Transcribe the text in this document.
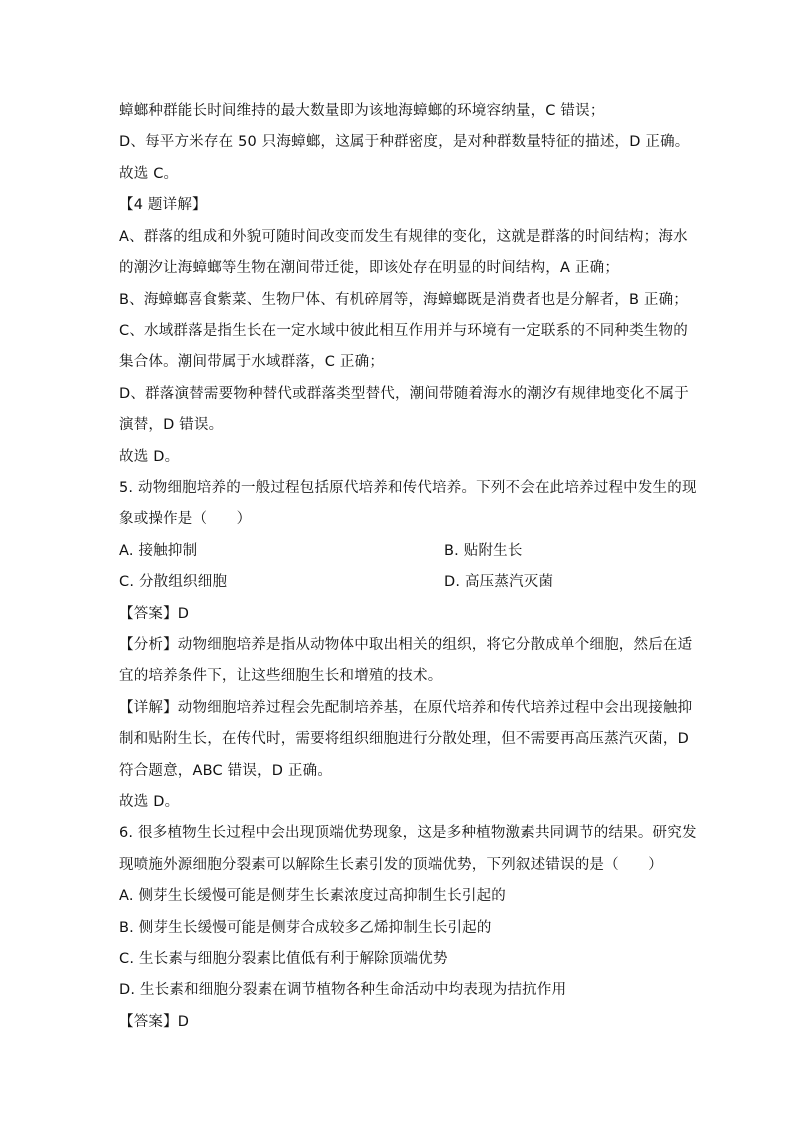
蟑螂种群能长时间维持的最大数量即为该地海蟑螂的环境容纳量，C 错误；
D、每平方米存在 50 只海蟑螂，这属于种群密度，是对种群数量特征的描述，D 正确。
故选 C。
【4 题详解】
A、群落的组成和外貌可随时间改变而发生有规律的变化，这就是群落的时间结构；海水
的潮汐让海蟑螂等生物在潮间带迁徙，即该处存在明显的时间结构，A 正确；
B、海蟑螂喜食紫菜、生物尸体、有机碎屑等，海蟑螂既是消费者也是分解者，B 正确；
C、水域群落是指生长在一定水域中彼此相互作用并与环境有一定联系的不同种类生物的
集合体。潮间带属于水域群落，C 正确；
D、群落演替需要物种替代或群落类型替代，潮间带随着海水的潮汐有规律地变化不属于
演替，D 错误。
故选 D。
5. 动物细胞培养的一般过程包括原代培养和传代培养。下列不会在此培养过程中发生的现
象或操作是（　　）
A. 接触抑制	B. 贴附生长
C. 分散组织细胞	D. 高压蒸汽灭菌
【答案】D
【分析】动物细胞培养是指从动物体中取出相关的组织，将它分散成单个细胞，然后在适
宜的培养条件下，让这些细胞生长和增殖的技术。
【详解】动物细胞培养过程会先配制培养基，在原代培养和传代培养过程中会出现接触抑
制和贴附生长，在传代时，需要将组织细胞进行分散处理，但不需要再高压蒸汽灭菌，D
符合题意，ABC 错误，D 正确。
故选 D。
6. 很多植物生长过程中会出现顶端优势现象，这是多种植物激素共同调节的结果。研究发
现喷施外源细胞分裂素可以解除生长素引发的顶端优势，下列叙述错误的是（　　）
A. 侧芽生长缓慢可能是侧芽生长素浓度过高抑制生长引起的
B. 侧芽生长缓慢可能是侧芽合成较多乙烯抑制生长引起的
C. 生长素与细胞分裂素比值低有利于解除顶端优势
D. 生长素和细胞分裂素在调节植物各种生命活动中均表现为拮抗作用
【答案】D
